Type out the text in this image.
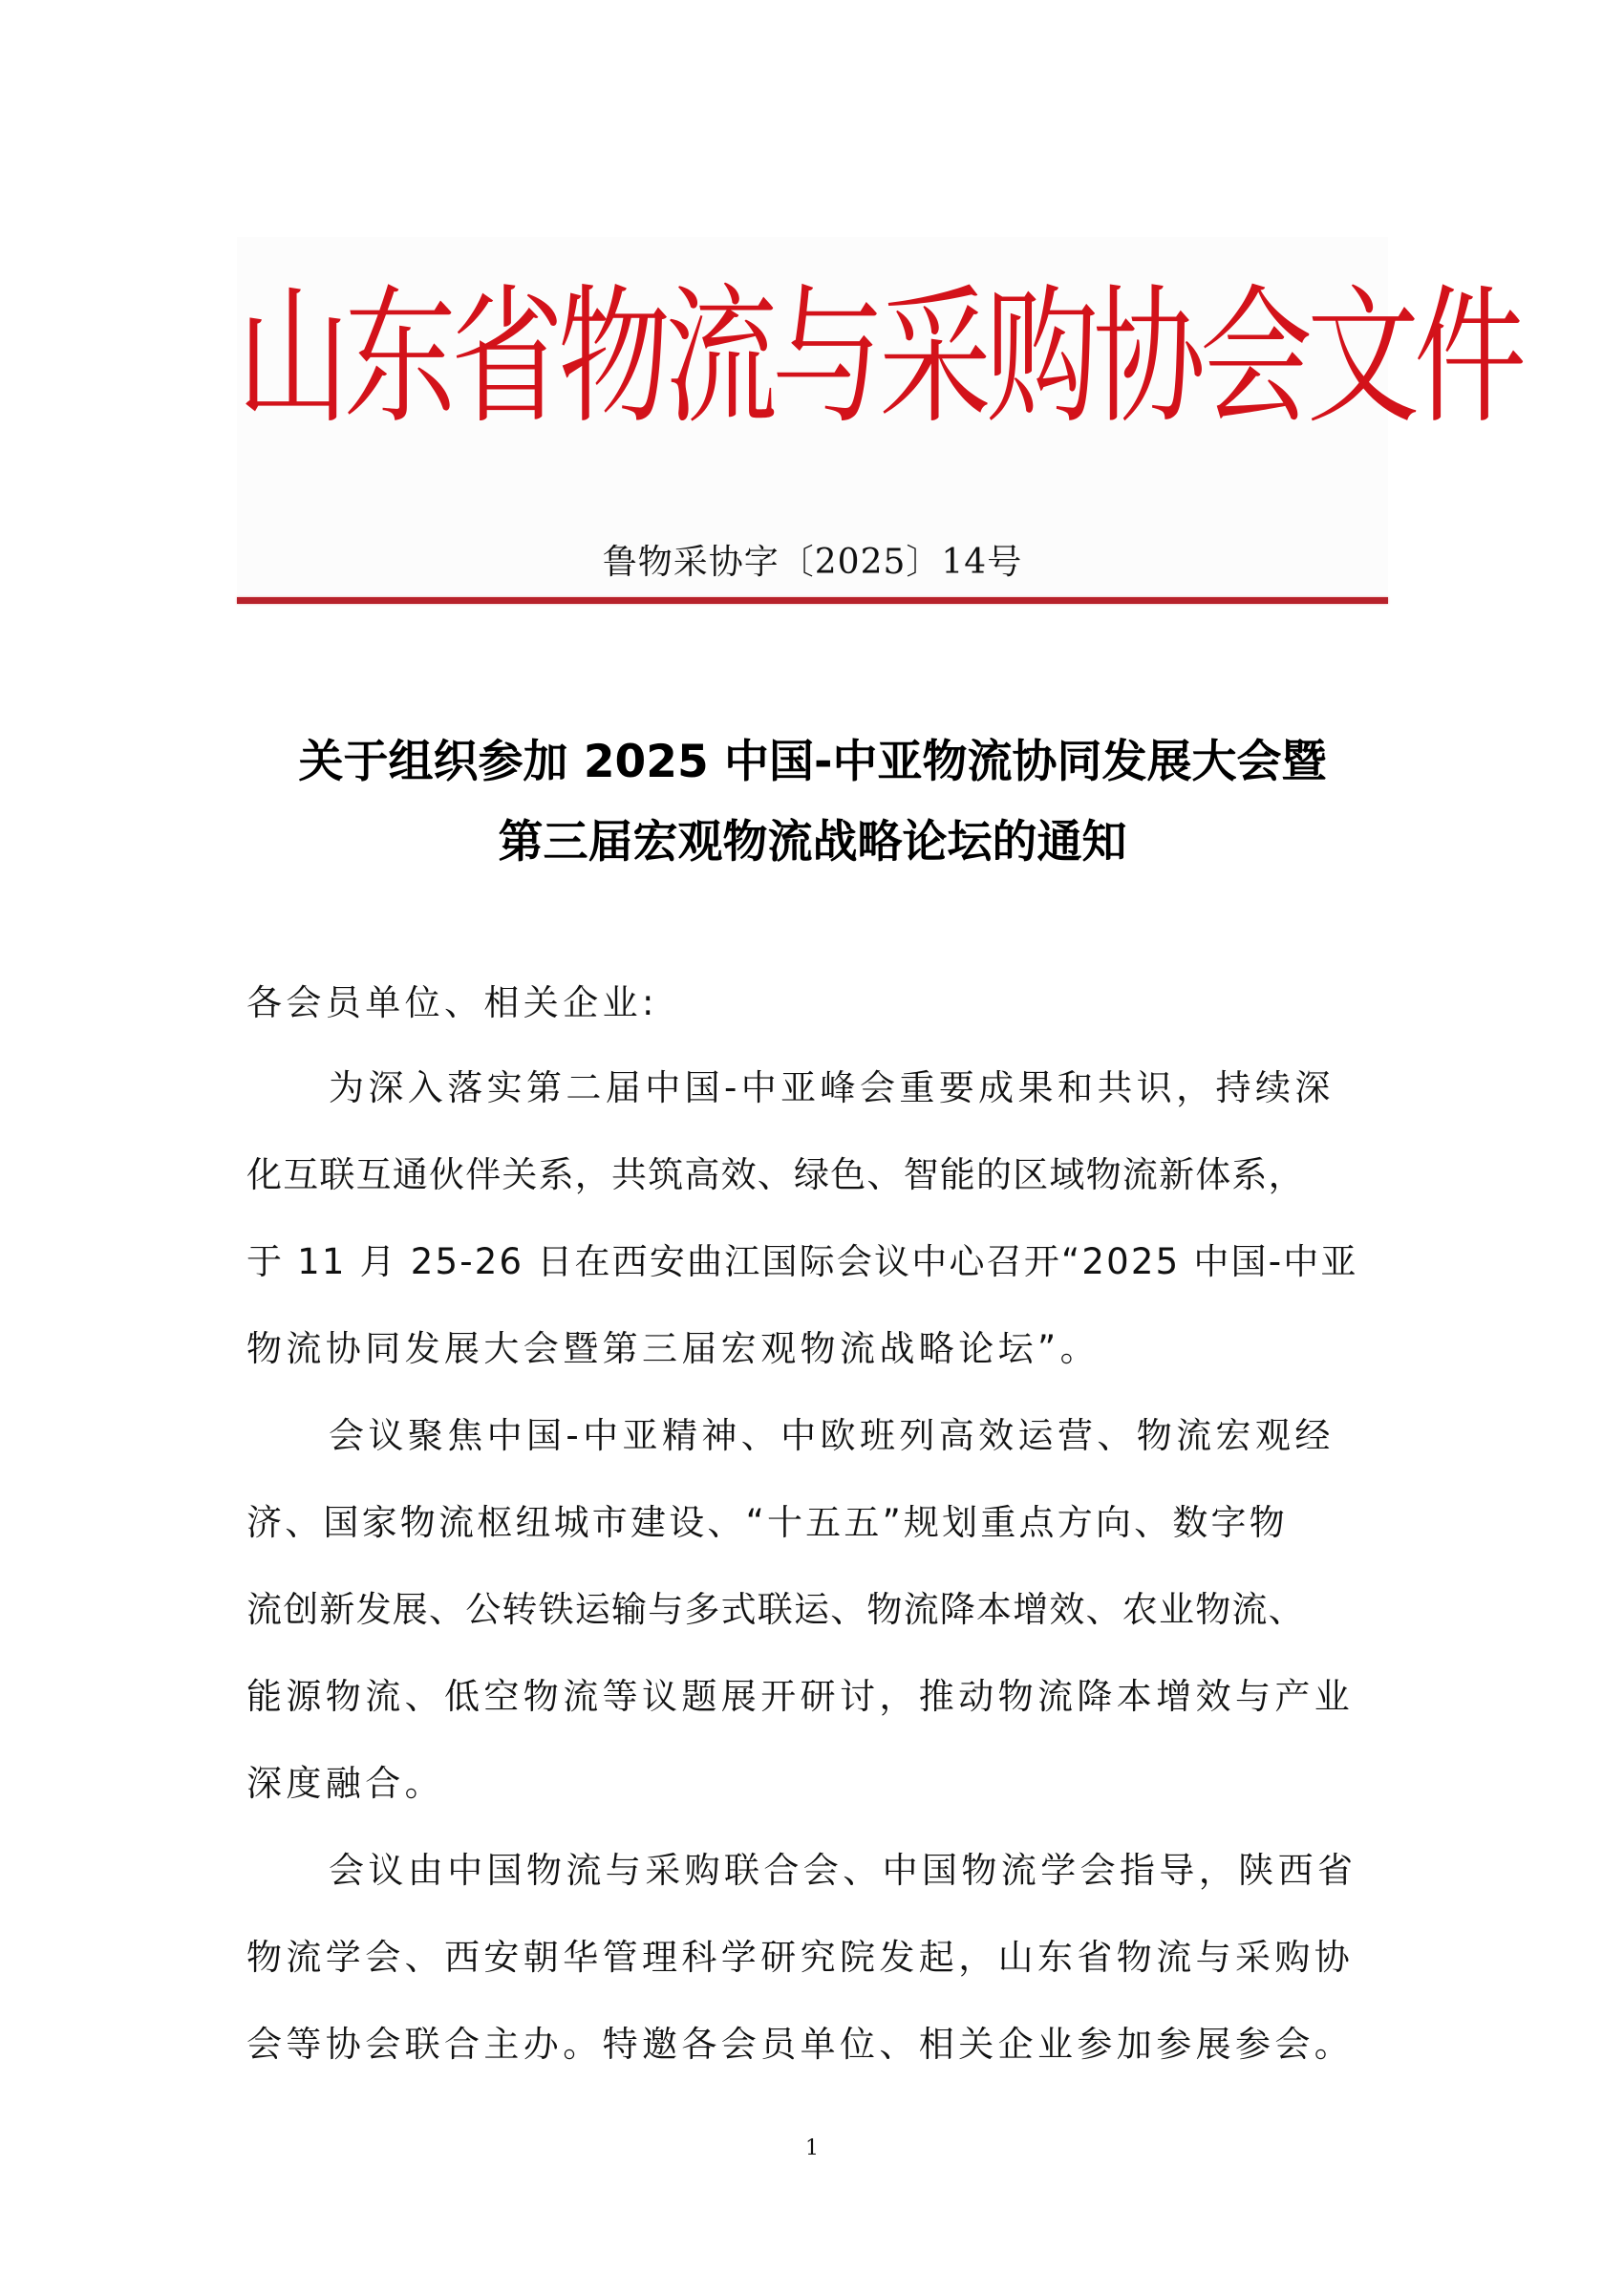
山东省物流与采购协会文件
鲁物采协字〔2025〕14号
关于组织参加 2025 中国-中亚物流协同发展大会暨
第三届宏观物流战略论坛的通知
各会员单位、相关企业:
为深入落实第二届中国-中亚峰会重要成果和共识，持续深
化互联互通伙伴关系，共筑高效、绿色、智能的区域物流新体系，
于 11 月 25-26 日在西安曲江国际会议中心召开“2025 中国-中亚
物流协同发展大会暨第三届宏观物流战略论坛”。
会议聚焦中国-中亚精神、中欧班列高效运营、物流宏观经
济、国家物流枢纽城市建设、“十五五”规划重点方向、数字物
流创新发展、公转铁运输与多式联运、物流降本增效、农业物流、
能源物流、低空物流等议题展开研讨，推动物流降本增效与产业
深度融合。
会议由中国物流与采购联合会、中国物流学会指导，陕西省
物流学会、西安朝华管理科学研究院发起，山东省物流与采购协
会等协会联合主办。特邀各会员单位、相关企业参加参展参会。
1
